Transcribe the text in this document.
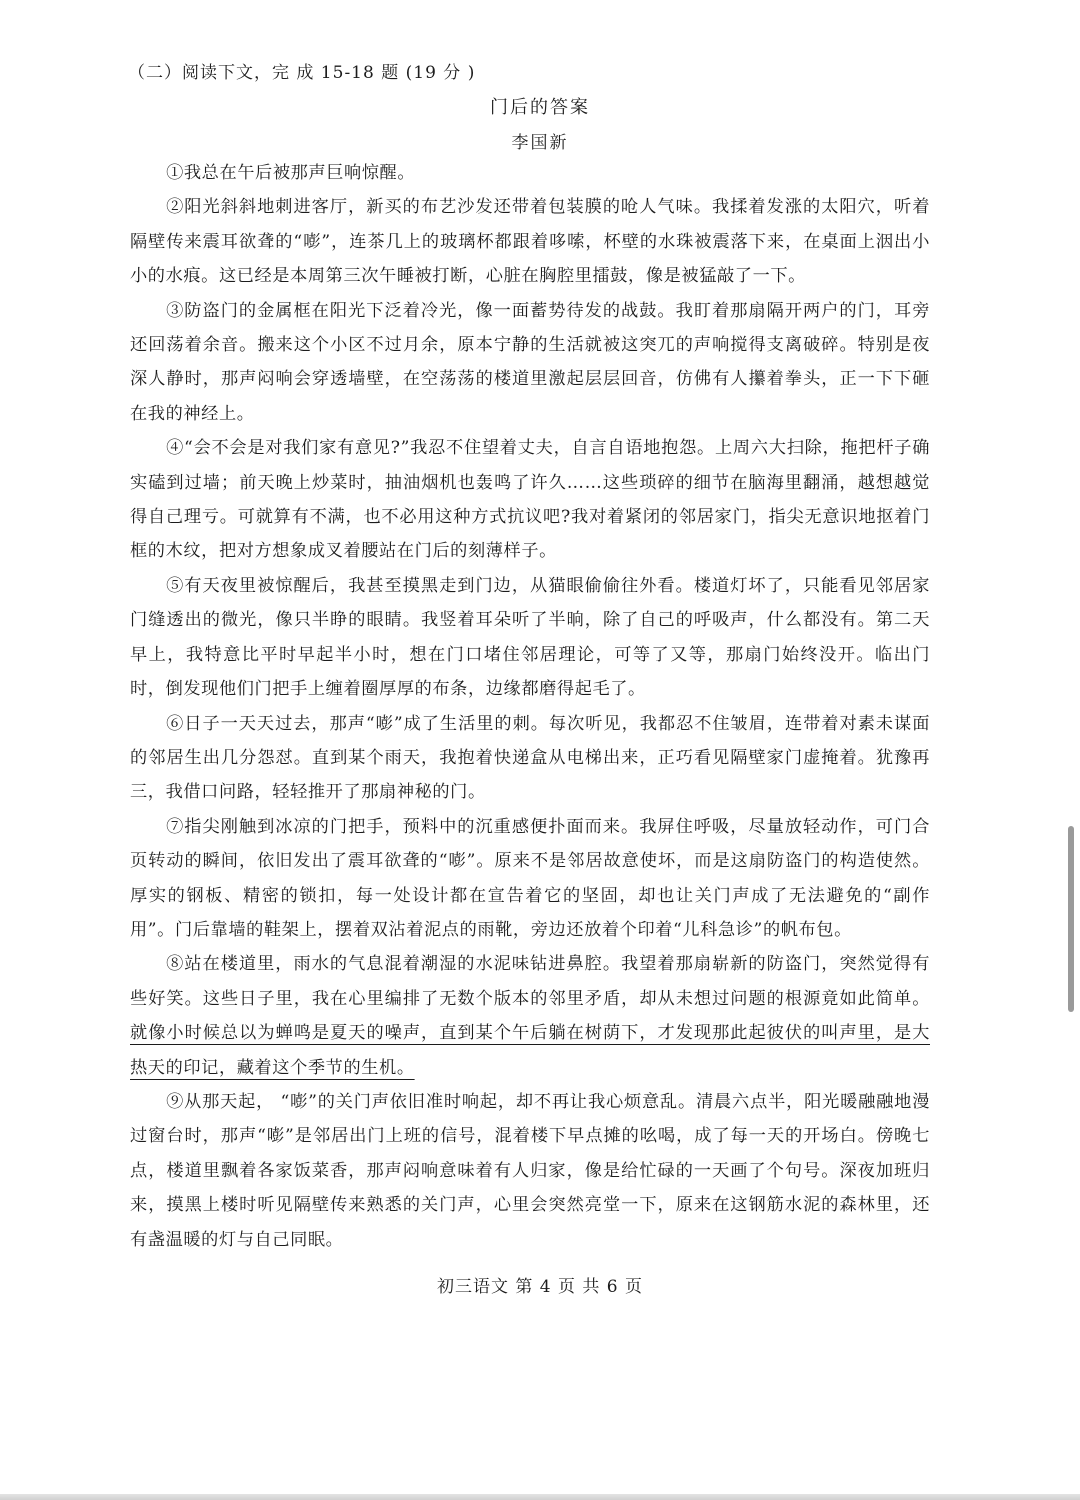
（二）阅读下文，完 成 15-18 题 (19 分 )
门后的答案
李国新

①我总在午后被那声巨响惊醒。

②阳光斜斜地刺进客厅，新买的布艺沙发还带着包装膜的呛人气味。我揉着发涨的太阳穴，听着隔壁传来震耳欲聋的“嘭”，连茶几上的玻璃杯都跟着哆嗦，杯壁的水珠被震落下来，在桌面上洇出小小的水痕。这已经是本周第三次午睡被打断，心脏在胸腔里擂鼓，像是被猛敲了一下。

③防盗门的金属框在阳光下泛着冷光，像一面蓄势待发的战鼓。我盯着那扇隔开两户的门，耳旁还回荡着余音。搬来这个小区不过月余，原本宁静的生活就被这突兀的声响搅得支离破碎。特别是夜深人静时，那声闷响会穿透墙壁，在空荡荡的楼道里激起层层回音，仿佛有人攥着拳头，正一下下砸在我的神经上。

④“会不会是对我们家有意见?”我忍不住望着丈夫，自言自语地抱怨。上周六大扫除，拖把杆子确实磕到过墙；前天晚上炒菜时，抽油烟机也轰鸣了许久……这些琐碎的细节在脑海里翻涌，越想越觉得自己理亏。可就算有不满，也不必用这种方式抗议吧?我对着紧闭的邻居家门，指尖无意识地抠着门框的木纹，把对方想象成叉着腰站在门后的刻薄样子。

⑤有天夜里被惊醒后，我甚至摸黑走到门边，从猫眼偷偷往外看。楼道灯坏了，只能看见邻居家门缝透出的微光，像只半睁的眼睛。我竖着耳朵听了半晌，除了自己的呼吸声，什么都没有。第二天早上，我特意比平时早起半小时，想在门口堵住邻居理论，可等了又等，那扇门始终没开。临出门时，倒发现他们门把手上缠着圈厚厚的布条，边缘都磨得起毛了。

⑥日子一天天过去，那声“嘭”成了生活里的刺。每次听见，我都忍不住皱眉，连带着对素未谋面的邻居生出几分怨怼。直到某个雨天，我抱着快递盒从电梯出来，正巧看见隔壁家门虚掩着。犹豫再三，我借口问路，轻轻推开了那扇神秘的门。

⑦指尖刚触到冰凉的门把手，预料中的沉重感便扑面而来。我屏住呼吸，尽量放轻动作，可门合页转动的瞬间，依旧发出了震耳欲聋的“嘭”。原来不是邻居故意使坏，而是这扇防盗门的构造使然。厚实的钢板、精密的锁扣，每一处设计都在宣告着它的坚固，却也让关门声成了无法避免的“副作用”。门后靠墙的鞋架上，摆着双沾着泥点的雨靴，旁边还放着个印着“儿科急诊”的帆布包。

⑧站在楼道里，雨水的气息混着潮湿的水泥味钻进鼻腔。我望着那扇崭新的防盗门，突然觉得有些好笑。这些日子里，我在心里编排了无数个版本的邻里矛盾，却从未想过问题的根源竟如此简单。就像小时候总以为蝉鸣是夏天的噪声，直到某个午后躺在树荫下，才发现那此起彼伏的叫声里，是大热天的印记，藏着这个季节的生机。

⑨从那天起， “嘭”的关门声依旧准时响起，却不再让我心烦意乱。清晨六点半，阳光暖融融地漫过窗台时，那声“嘭”是邻居出门上班的信号，混着楼下早点摊的吆喝，成了每一天的开场白。傍晚七点，楼道里飘着各家饭菜香，那声闷响意味着有人归家，像是给忙碌的一天画了个句号。深夜加班归来，摸黑上楼时听见隔壁传来熟悉的关门声，心里会突然亮堂一下，原来在这钢筋水泥的森林里，还有盏温暖的灯与自己同眠。

初三语文 第 4 页 共 6 页
